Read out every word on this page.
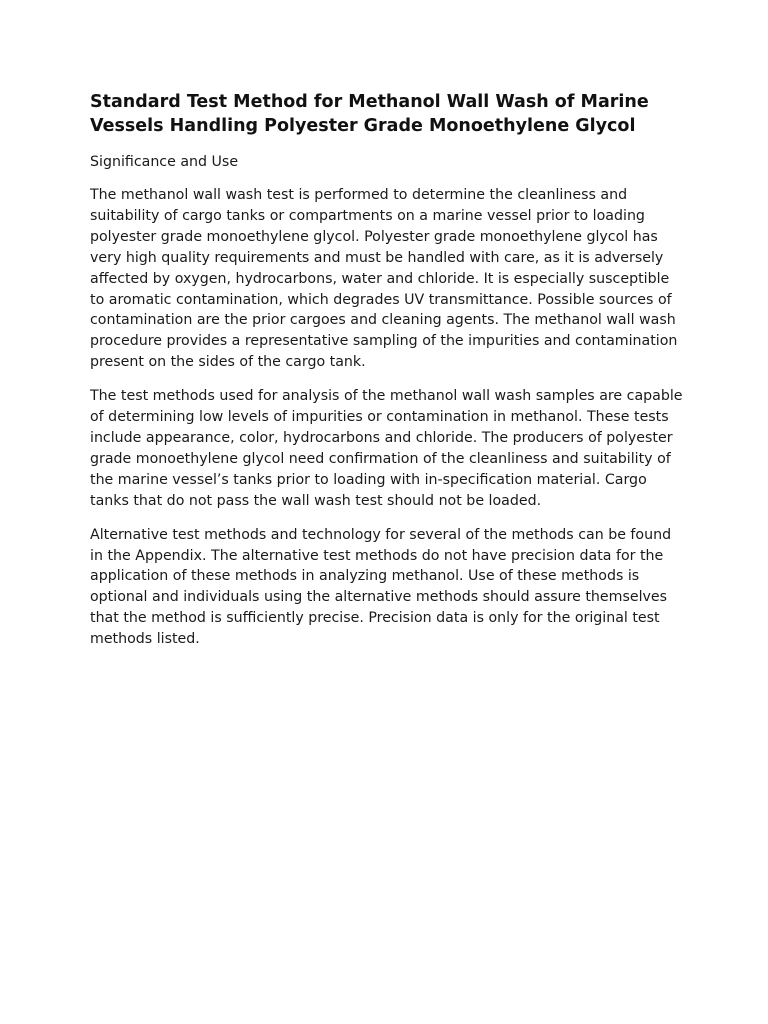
Standard Test Method for Methanol Wall Wash of Marine Vessels Handling Polyester Grade Monoethylene Glycol
Significance and Use

The methanol wall wash test is performed to determine the cleanliness and suitability of cargo tanks or compartments on a marine vessel prior to loading polyester grade monoethylene glycol. Polyester grade monoethylene glycol has very high quality requirements and must be handled with care, as it is adversely affected by oxygen, hydrocarbons, water and chloride. It is especially susceptible to aromatic contamination, which degrades UV transmittance. Possible sources of contamination are the prior cargoes and cleaning agents. The methanol wall wash procedure provides a representative sampling of the impurities and contamination present on the sides of the cargo tank.

The test methods used for analysis of the methanol wall wash samples are capable of determining low levels of impurities or contamination in methanol. These tests include appearance, color, hydrocarbons and chloride. The producers of polyester grade monoethylene glycol need confirmation of the cleanliness and suitability of the marine vessel’s tanks prior to loading with in-specification material. Cargo tanks that do not pass the wall wash test should not be loaded.

Alternative test methods and technology for several of the methods can be found in the Appendix. The alternative test methods do not have precision data for the application of these methods in analyzing methanol. Use of these methods is optional and individuals using the alternative methods should assure themselves that the method is sufficiently precise. Precision data is only for the original test methods listed.
